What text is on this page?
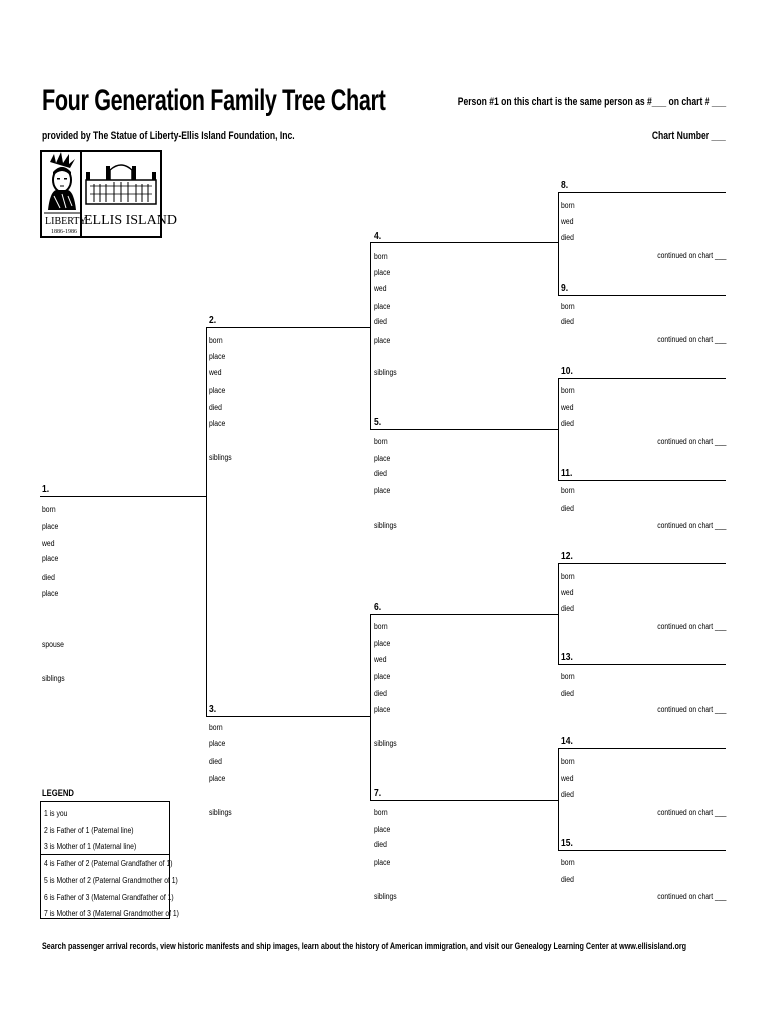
Four Generation Family Tree Chart	Person #1 on this chart is the same person as #___ on chart # ___
provided by The Statue of Liberty-Ellis Island Foundation, Inc.	Chart Number ___
LIBERTY
1886-1986
ELLIS ISLAND
1.
born
place
wed
place
died
place
spouse
siblings
2.
born
place
wed
place
died
place
siblings
3.
born
place
died
place
siblings
4.
born
place
wed
place
died
place
siblings
5.
born
place
died
place
siblings
6.
born
place
wed
place
died
place
siblings
7.
born
place
died
place
siblings
8.
born
wed
died
continued on chart ___
9.
born
died
continued on chart ___
10.
born
wed
died
continued on chart ___
11.
born
died
continued on chart ___
12.
born
wed
died
continued on chart ___
13.
born
died
continued on chart ___
14.
born
wed
died
continued on chart ___
15.
born
died
continued on chart ___
LEGEND
1 is you
2 is Father of 1 (Paternal line)
3 is Mother of 1 (Maternal line)
4 is Father of 2 (Paternal Grandfather of 1)
5 is Mother of 2 (Paternal Grandmother of 1)
6 is Father of 3 (Maternal Grandfather of 1)
7 is Mother of 3 (Maternal Grandmother of 1)
Search passenger arrival records, view historic manifests and ship images, learn about the history of American immigration, and visit our Genealogy Learning Center at www.ellisisland.org
